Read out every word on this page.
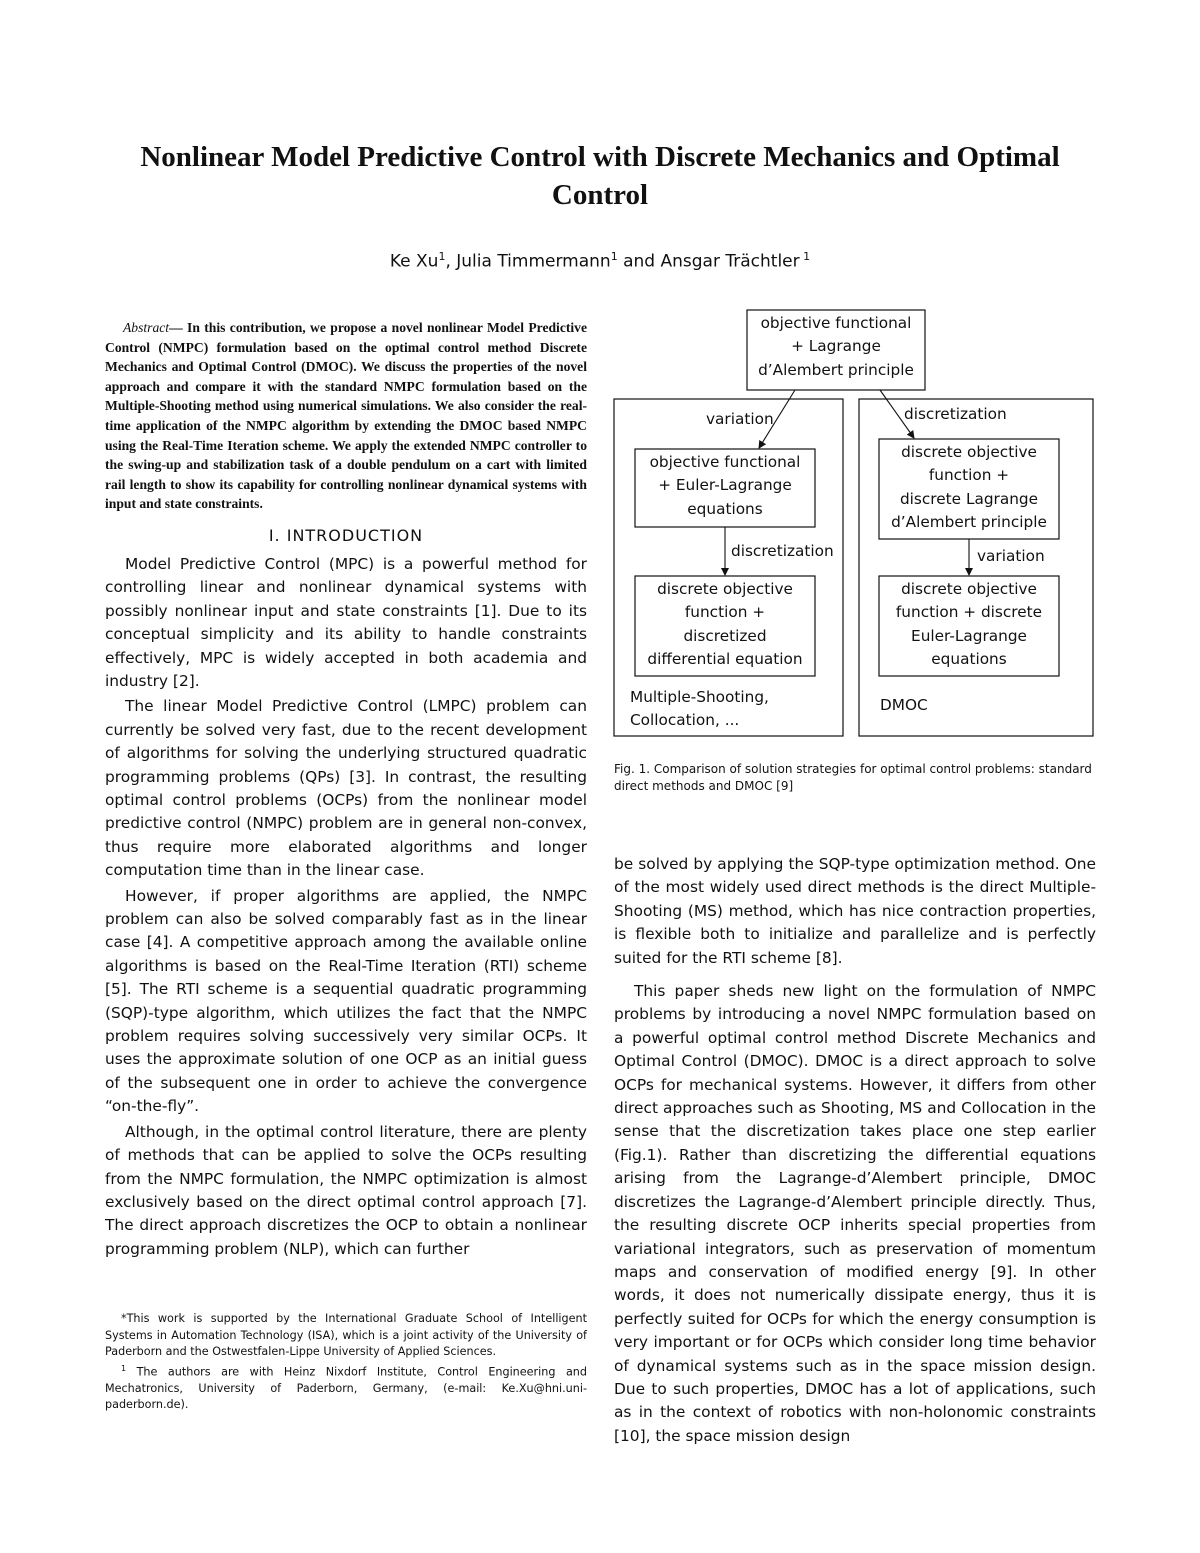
Nonlinear Model Predictive Control with Discrete Mechanics and Optimal Control
Ke Xu$^1$, Julia Timmermann$^1$ and Ansgar Trächtler $^1$

Abstract— In this contribution, we propose a novel nonlinear Model Predictive Control (NMPC) formulation based on the optimal control method Discrete Mechanics and Optimal Control (DMOC). We discuss the properties of the novel approach and compare it with the standard NMPC formulation based on the Multiple-Shooting method using numerical simulations. We also consider the real-time application of the NMPC algorithm by extending the DMOC based NMPC using the Real-Time Iteration scheme. We apply the extended NMPC controller to the swing-up and stabilization task of a double pendulum on a cart with limited rail length to show its capability for controlling nonlinear dynamical systems with input and state constraints.

I. INTRODUCTION

Model Predictive Control (MPC) is a powerful method for controlling linear and nonlinear dynamical systems with possibly nonlinear input and state constraints [1]. Due to its conceptual simplicity and its ability to handle constraints effectively, MPC is widely accepted in both academia and industry [2].

The linear Model Predictive Control (LMPC) problem can currently be solved very fast, due to the recent development of algorithms for solving the underlying structured quadratic programming problems (QPs) [3]. In contrast, the resulting optimal control problems (OCPs) from the nonlinear model predictive control (NMPC) problem are in general non-convex, thus require more elaborated algorithms and longer computation time than in the linear case.

However, if proper algorithms are applied, the NMPC problem can also be solved comparably fast as in the linear case [4]. A competitive approach among the available online algorithms is based on the Real-Time Iteration (RTI) scheme [5]. The RTI scheme is a sequential quadratic programming (SQP)-type algorithm, which utilizes the fact that the NMPC problem requires solving successively very similar OCPs. It uses the approximate solution of one OCP as an initial guess of the subsequent one in order to achieve the convergence “on-the-fly”.

Although, in the optimal control literature, there are plenty of methods that can be applied to solve the OCPs resulting from the NMPC formulation, the NMPC optimization is almost exclusively based on the direct optimal control approach [7]. The direct approach discretizes the OCP to obtain a nonlinear programming problem (NLP), which can further

*This work is supported by the International Graduate School of Intelligent Systems in Automation Technology (ISA), which is a joint activity of the University of Paderborn and the Ostwestfalen-Lippe University of Applied Sciences.

$^1$ The authors are with Heinz Nixdorf Institute, Control Engineering and Mechatronics, University of Paderborn, Germany, (e-mail: Ke.Xu@hni.uni-paderborn.de).

objective functional
+ Lagrange
d’Alembert principle
variation	discretization
objective functional
+ Euler-Lagrange
equations
discretization
discrete objective
function +
discretized
differential equation
Multiple-Shooting,
Collocation, ...
discrete objective
function +
discrete Lagrange
d’Alembert principle
variation
discrete objective
function + discrete
Euler-Lagrange
equations
DMOC
Fig. 1. Comparison of solution strategies for optimal control problems: standard direct methods and DMOC [9]

be solved by applying the SQP-type optimization method. One of the most widely used direct methods is the direct Multiple-Shooting (MS) method, which has nice contraction properties, is flexible both to initialize and parallelize and is perfectly suited for the RTI scheme [8].

This paper sheds new light on the formulation of NMPC problems by introducing a novel NMPC formulation based on a powerful optimal control method Discrete Mechanics and Optimal Control (DMOC). DMOC is a direct approach to solve OCPs for mechanical systems. However, it differs from other direct approaches such as Shooting, MS and Collocation in the sense that the discretization takes place one step earlier (Fig.1). Rather than discretizing the differential equations arising from the Lagrange-d’Alembert principle, DMOC discretizes the Lagrange-d’Alembert principle directly. Thus, the resulting discrete OCP inherits special properties from variational integrators, such as preservation of momentum maps and conservation of modified energy [9]. In other words, it does not numerically dissipate energy, thus it is perfectly suited for OCPs for which the energy consumption is very important or for OCPs which consider long time behavior of dynamical systems such as in the space mission design. Due to such properties, DMOC has a lot of applications, such as in the context of robotics with non-holonomic constraints [10], the space mission design
